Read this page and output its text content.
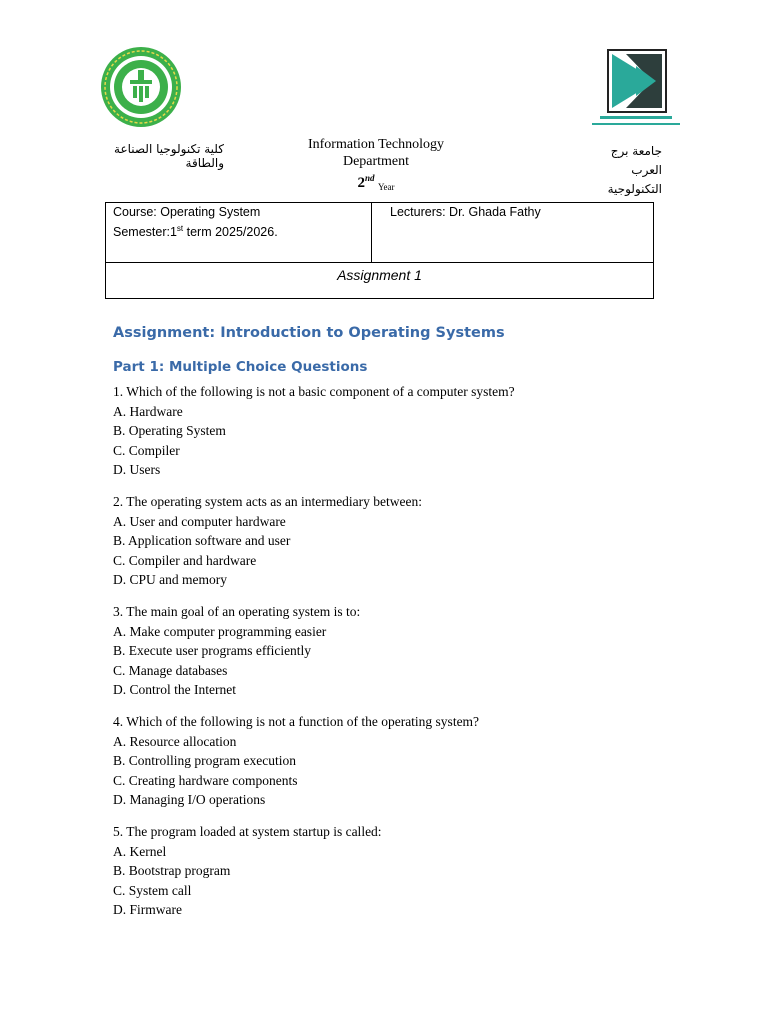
كلية تكنولوجيا الصناعة والطاقة
Information Technology
Department
2nd $_{Year}$
جامعة برج العرب
التكنولوجية
Course: Operating System
Semester:1st term 2025/2026.
Lecturers: Dr. Ghada Fathy
Assignment 1
Assignment: Introduction to Operating Systems
Part 1: Multiple Choice Questions
1. Which of the following is not a basic component of a computer system?
A. Hardware
B. Operating System
C. Compiler
D. Users
2. The operating system acts as an intermediary between:
A. User and computer hardware
B. Application software and user
C. Compiler and hardware
D. CPU and memory
3. The main goal of an operating system is to:
A. Make computer programming easier
B. Execute user programs efficiently
C. Manage databases
D. Control the Internet
4. Which of the following is not a function of the operating system?
A. Resource allocation
B. Controlling program execution
C. Creating hardware components
D. Managing I/O operations
5. The program loaded at system startup is called:
A. Kernel
B. Bootstrap program
C. System call
D. Firmware
